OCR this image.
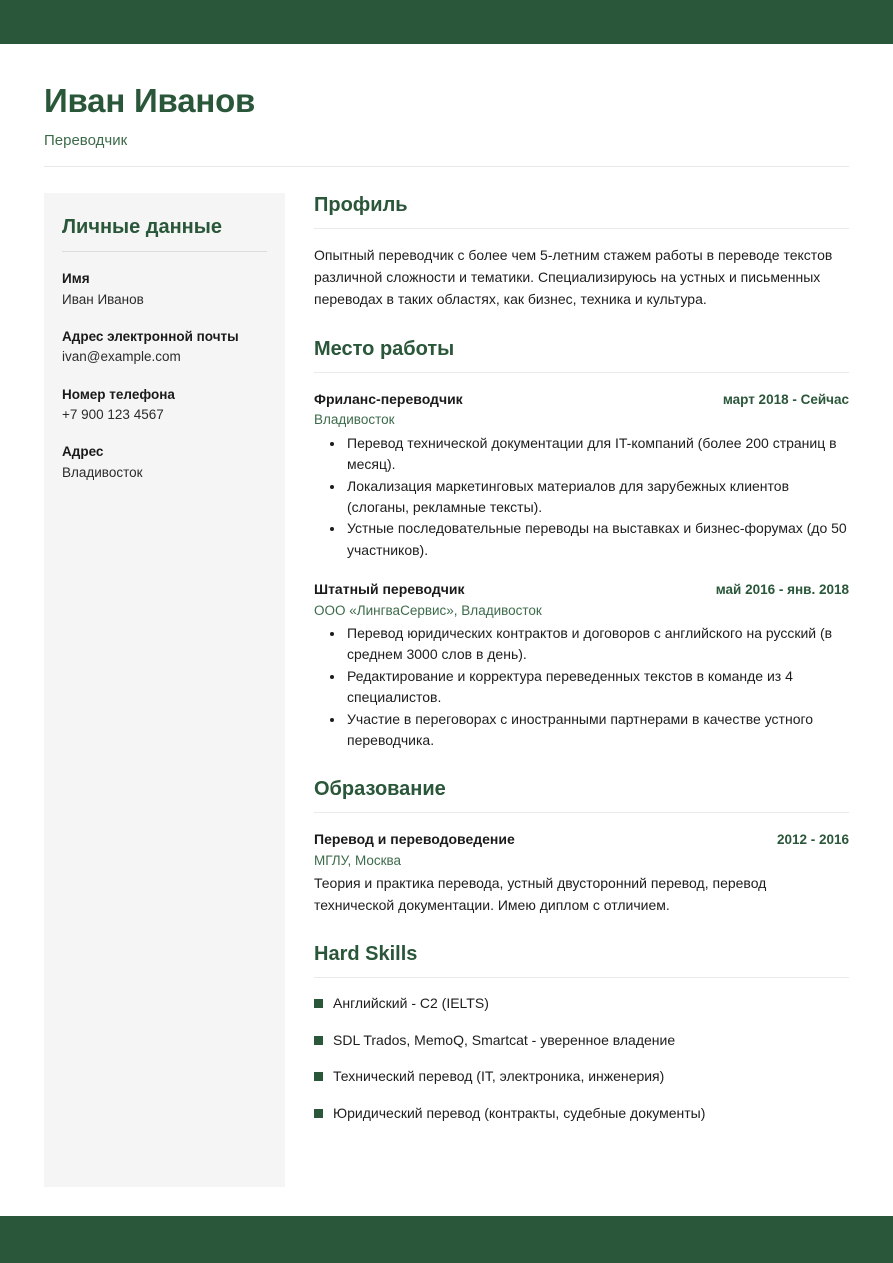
Иван Иванов
Переводчик
Личные данные
Имя
Иван Иванов
Адрес электронной почты
ivan@example.com
Номер телефона
+7 900 123 4567
Адрес
Владивосток
Профиль

Опытный переводчик с более чем 5-летним стажем работы в переводе текстов различной сложности и тематики. Специализируюсь на устных и письменных переводах в таких областях, как бизнес, техника и культура.

Место работы
Фриланс-переводчик	март 2018 - Сейчас
Владивосток
• Перевод технической документации для IT-компаний (более 200 страниц в месяц).
• Локализация маркетинговых материалов для зарубежных клиентов (слоганы, рекламные тексты).
• Устные последовательные переводы на выставках и бизнес-форумах (до 50 участников).
Штатный переводчик	май 2016 - янв. 2018
ООО «ЛингваСервис», Владивосток
• Перевод юридических контрактов и договоров с английского на русский (в среднем 3000 слов в день).
• Редактирование и корректура переведенных текстов в команде из 4 специалистов.
• Участие в переговорах с иностранными партнерами в качестве устного переводчика.
Образование
Перевод и переводоведение	2012 - 2016
МГЛУ, Москва

Теория и практика перевода, устный двусторонний перевод, перевод технической документации. Имею диплом с отличием.

Hard Skills
Английский - C2 (IELTS)
SDL Trados, MemoQ, Smartcat - уверенное владение
Технический перевод (IT, электроника, инженерия)
Юридический перевод (контракты, судебные документы)
